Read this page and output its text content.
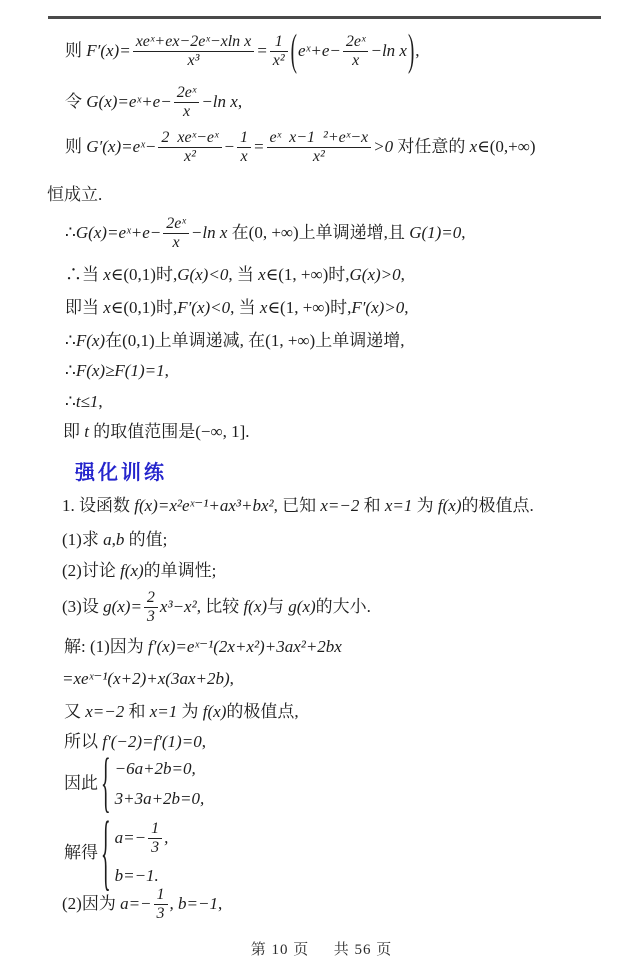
强化训练
则 F′(x)= xeˣ+ex−2eˣ−xln x
x³
= $\frac{1}{\text{x²}}$ (eˣ+e− $\frac{\text{2eˣ}}{x} -\ln$ x),
令 G(x)=eˣ+e− $\frac{\text{2eˣ}}{x} -\ln$ x,
则 G′(x)=eˣ− 2 xeˣ−eˣ
x²
− $\frac{1}{x} = \frac{\text{eˣ x−1 ²+eˣ−x}}{\text{x²}} >0$ 对任意的 x∈(0,+∞)
恒成立.
∴G(x)=eˣ+e− $\frac{\text{2eˣ}}{x} -\ln$ x 在(0, +∞)上单调递增,且 G(1)=0,
∴当 x∈(0,1)时,G(x)<0, 当 x∈(1, +∞)时,G(x)>0,
即当 x∈(0,1)时,F′(x)<0, 当 x∈(1, +∞)时,F′(x)>0,
∴F(x)在(0,1)上单调递减, 在(1, +∞)上单调递增,
∴F(x)≥F(1)=1,
∴t≤1,
即 t 的取值范围是(−∞, 1].
1. 设函数 f(x)=x²eˣ⁻¹+ax³+bx², 已知 x=−2 和 x=1 为 f(x)的极值点.
(1)求 a,b 的值;
(2)讨论 f(x)的单调性;
(3)设 $g(x)= \frac{2}{3} x^3-x^2$, 比较 f(x)与 g(x)的大小.
解: (1)因为 f′(x)=eˣ⁻¹(2x+x²)+3ax²+2bx
=xeˣ⁻¹(x+2)+x(3ax+2b),
又 x=−2 和 x=1 为 f(x)的极值点,
所以 f′(−2)=f′(1)=0,
因此 { −6a+2b=0,
3+3a+2b=0,
解得 { $a=- \frac{1}{3}$ ,
b=−1.
(2)因为 $a=- \frac{1}{3}$ , b=−1,
第 10 页  共 56 页
